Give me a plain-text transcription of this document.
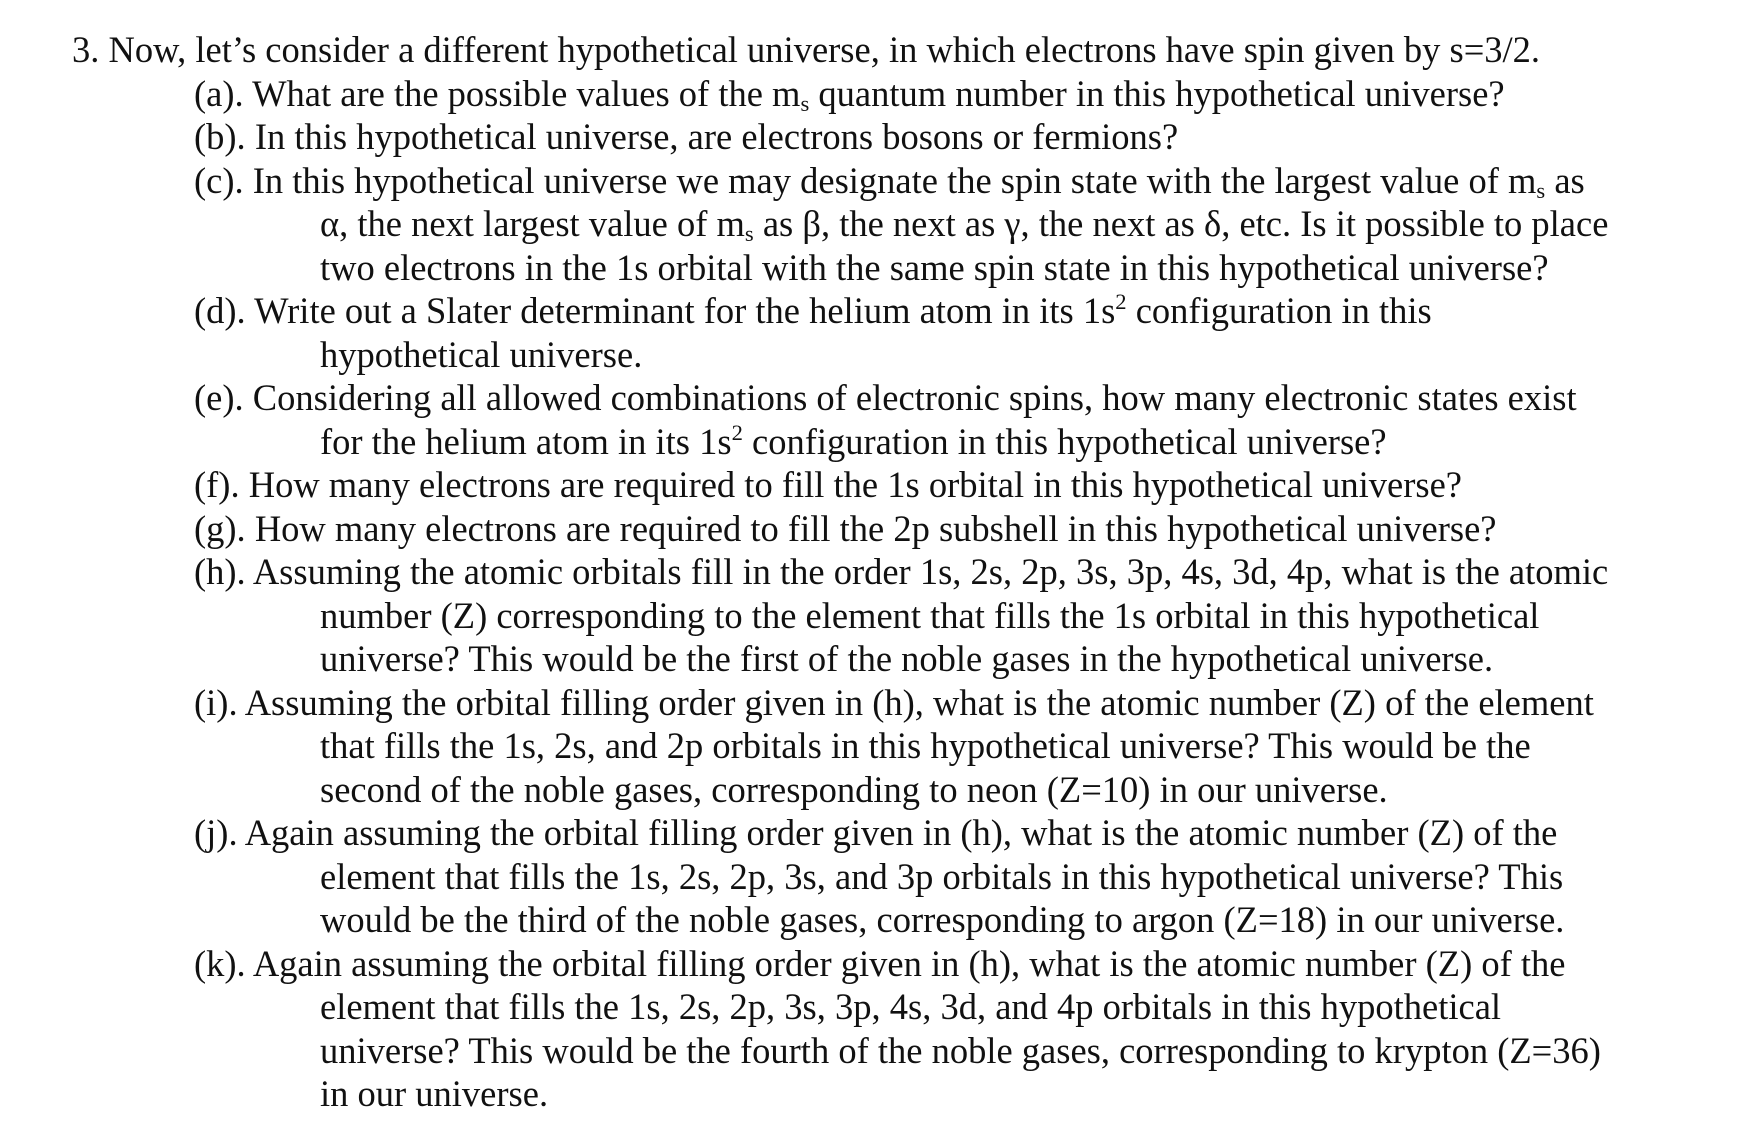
3. Now, let’s consider a different hypothetical universe, in which electrons have spin given by s=3/2.
(a). What are the possible values of the $m_s$ quantum number in this hypothetical universe?
(b). In this hypothetical universe, are electrons bosons or fermions?
(c). In this hypothetical universe we may designate the spin state with the largest value of $m_s$ as
α, the next largest value of $m_s$ as β, the next as γ, the next as δ, etc. Is it possible to place
two electrons in the 1s orbital with the same spin state in this hypothetical universe?
(d). Write out a Slater determinant for the helium atom in its $1s^2$ configuration in this
hypothetical universe.
(e). Considering all allowed combinations of electronic spins, how many electronic states exist
for the helium atom in its $1s^2$ configuration in this hypothetical universe?
(f). How many electrons are required to fill the 1s orbital in this hypothetical universe?
(g). How many electrons are required to fill the 2p subshell in this hypothetical universe?
(h). Assuming the atomic orbitals fill in the order 1s, 2s, 2p, 3s, 3p, 4s, 3d, 4p, what is the atomic
number (Z) corresponding to the element that fills the 1s orbital in this hypothetical
universe? This would be the first of the noble gases in the hypothetical universe.
(i). Assuming the orbital filling order given in (h), what is the atomic number (Z) of the element
that fills the 1s, 2s, and 2p orbitals in this hypothetical universe? This would be the
second of the noble gases, corresponding to neon (Z=10) in our universe.
(j). Again assuming the orbital filling order given in (h), what is the atomic number (Z) of the
element that fills the 1s, 2s, 2p, 3s, and 3p orbitals in this hypothetical universe? This
would be the third of the noble gases, corresponding to argon (Z=18) in our universe.
(k). Again assuming the orbital filling order given in (h), what is the atomic number (Z) of the
element that fills the 1s, 2s, 2p, 3s, 3p, 4s, 3d, and 4p orbitals in this hypothetical
universe? This would be the fourth of the noble gases, corresponding to krypton (Z=36)
in our universe.
